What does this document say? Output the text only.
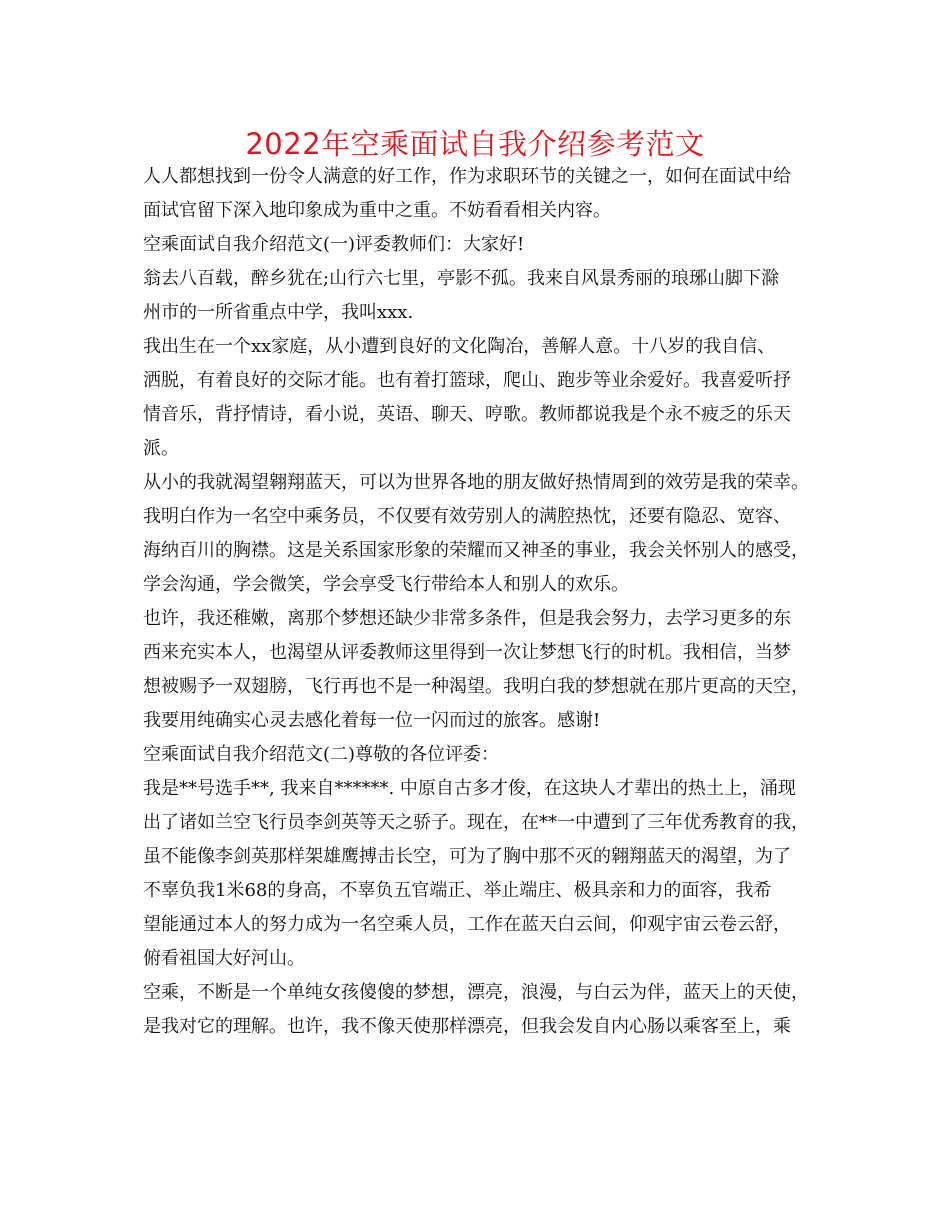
2022年空乘面试自我介绍参考范文
人人都想找到一份令人满意的好工作，作为求职环节的关键之一，如何在面试中给
面试官留下深入地印象成为重中之重。不妨看看相关内容。
空乘面试自我介绍范文(一)评委教师们：大家好!
翁去八百载，醉乡犹在;山行六七里，亭影不孤。我来自风景秀丽的琅琊山脚下滁
州市的一所省重点中学，我叫xxx.
我出生在一个xx家庭，从小遭到良好的文化陶冶，善解人意。十八岁的我自信、
洒脱，有着良好的交际才能。也有着打篮球，爬山、跑步等业余爱好。我喜爱听抒
情音乐，背抒情诗，看小说，英语、聊天、哼歌。教师都说我是个永不疲乏的乐天
派。
从小的我就渴望翱翔蓝天，可以为世界各地的朋友做好热情周到的效劳是我的荣幸。
我明白作为一名空中乘务员，不仅要有效劳别人的满腔热忱，还要有隐忍、宽容、
海纳百川的胸襟。这是关系国家形象的荣耀而又神圣的事业，我会关怀别人的感受，
学会沟通，学会微笑，学会享受飞行带给本人和别人的欢乐。
也许，我还稚嫩，离那个梦想还缺少非常多条件，但是我会努力，去学习更多的东
西来充实本人，也渴望从评委教师这里得到一次让梦想飞行的时机。我相信，当梦
想被赐予一双翅膀，飞行再也不是一种渴望。我明白我的梦想就在那片更高的天空，
我要用纯确实心灵去感化着每一位一闪而过的旅客。感谢!
空乘面试自我介绍范文(二)尊敬的各位评委：
我是**号选手**, 我来自******. 中原自古多才俊，在这块人才辈出的热土上，涌现
出了诸如兰空飞行员李剑英等天之骄子。现在，在**一中遭到了三年优秀教育的我，
虽不能像李剑英那样架雄鹰搏击长空，可为了胸中那不灭的翱翔蓝天的渴望，为了
不辜负我1米68的身高，不辜负五官端正、举止端庄、极具亲和力的面容，我希
望能通过本人的努力成为一名空乘人员，工作在蓝天白云间，仰观宇宙云卷云舒，
俯看祖国大好河山。
空乘，不断是一个单纯女孩傻傻的梦想，漂亮，浪漫，与白云为伴，蓝天上的天使，
是我对它的理解。也许，我不像天使那样漂亮，但我会发自内心肠以乘客至上，乘
